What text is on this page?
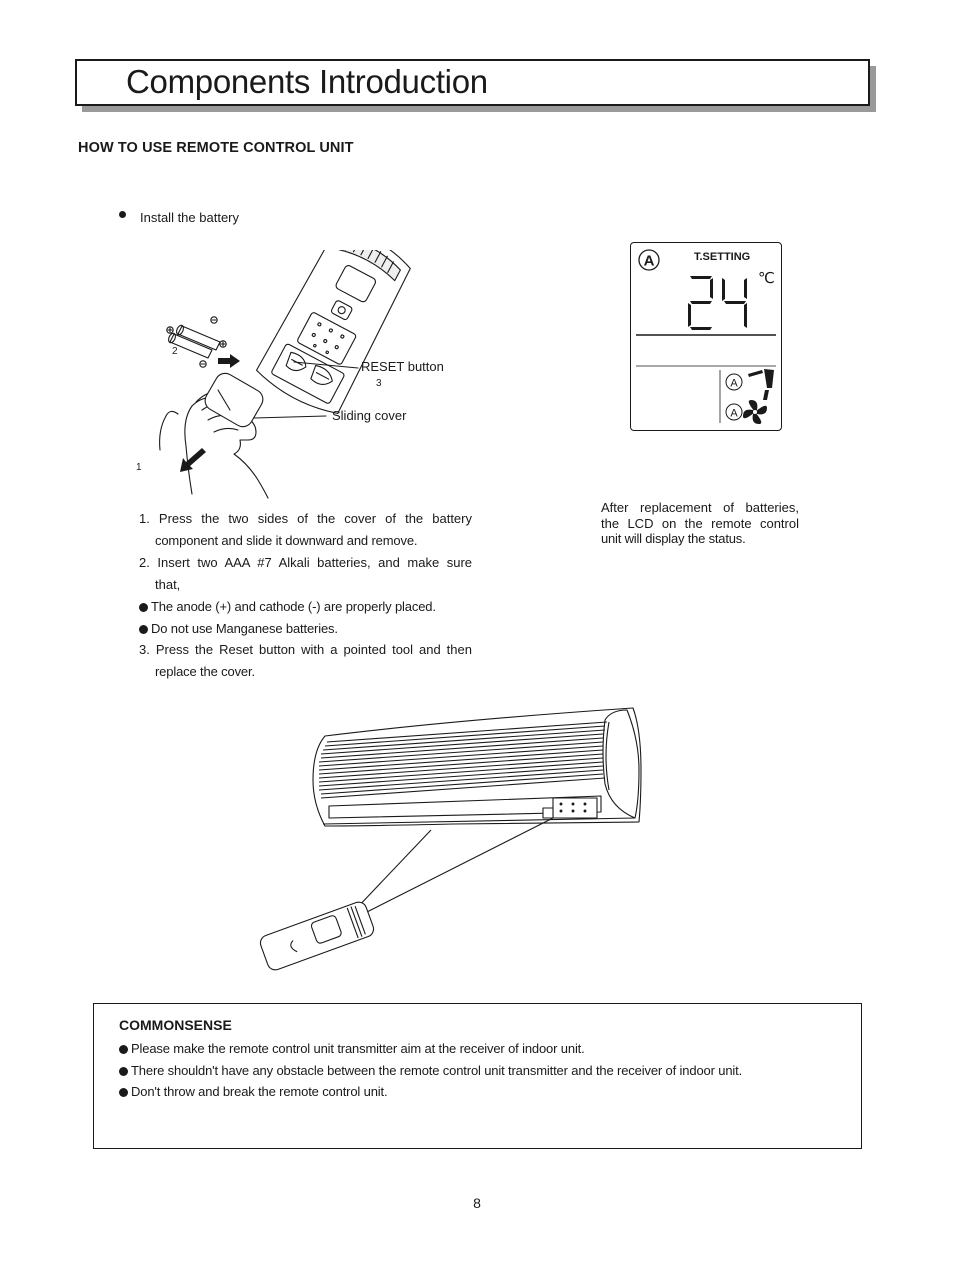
Components Introduction
HOW TO USE REMOTE CONTROL UNIT
Install the battery
RESET button
Sliding cover
1
2
3
1. Press the two sides of the cover of the battery
component and slide it downward and remove.
2. Insert two AAA #7 Alkali batteries, and make sure
that,
The anode (+) and cathode (-) are properly placed.
Do not use Manganese batteries.
3. Press the Reset button with a pointed tool and then
replace the cover.
A	T.SETTING
℃
A
A
After replacement of batteries,
the LCD on the remote control
unit will display the status.
COMMONSENSE
Please make the remote control unit transmitter aim at the receiver of indoor unit.
There shouldn't have any obstacle between the remote control unit transmitter and the receiver of indoor unit.
Don't throw and break the remote control unit.
8
